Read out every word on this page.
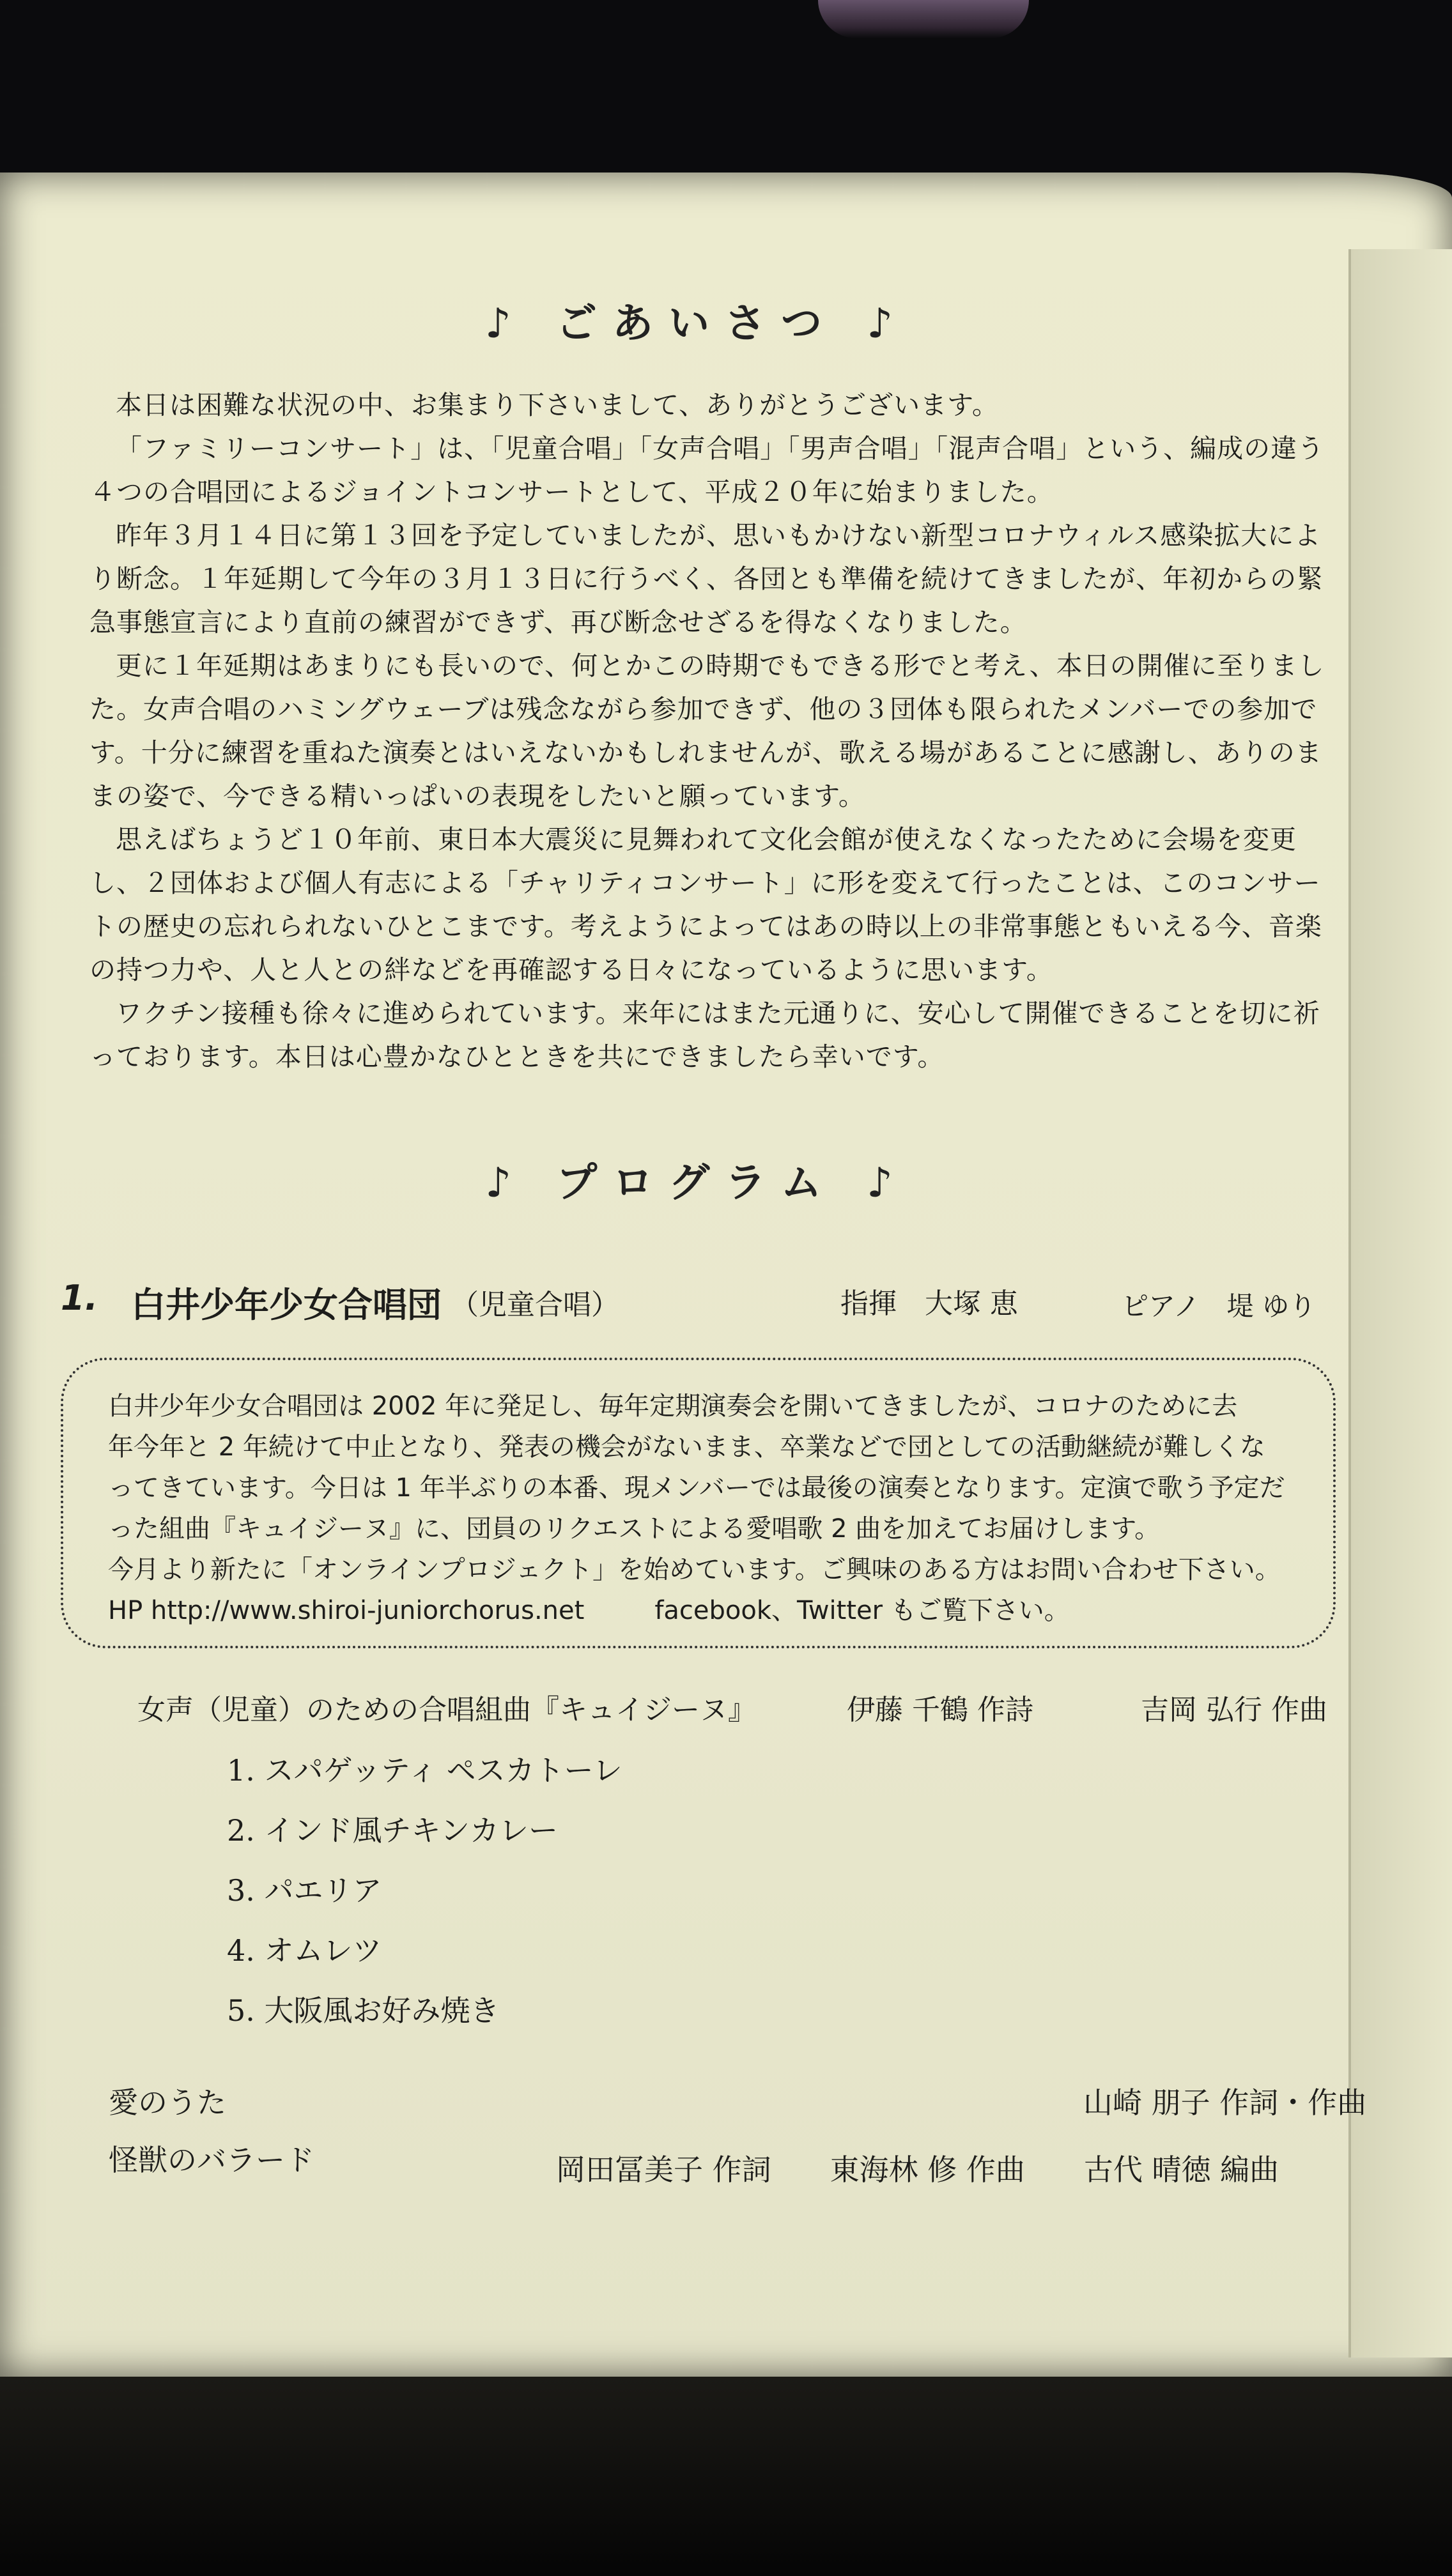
♪ ごあいさつ ♪

本日は困難な状況の中、お集まり下さいまして、ありがとうございます。

「ファミリーコンサート」は、「児童合唱」「女声合唱」「男声合唱」「混声合唱」という、編成の違う４つの合唱団によるジョイントコンサートとして、平成２０年に始まりました。

昨年３月１４日に第１３回を予定していましたが、思いもかけない新型コロナウィルス感染拡大により断念。１年延期して今年の３月１３日に行うべく、各団とも準備を続けてきましたが、年初からの緊急事態宣言により直前の練習ができず、再び断念せざるを得なくなりました。

更に１年延期はあまりにも長いので、何とかこの時期でもできる形でと考え、本日の開催に至りました。女声合唱のハミングウェーブは残念ながら参加できず、他の３団体も限られたメンバーでの参加です。十分に練習を重ねた演奏とはいえないかもしれませんが、歌える場があることに感謝し、ありのままの姿で、今できる精いっぱいの表現をしたいと願っています。

思えばちょうど１０年前、東日本大震災に見舞われて文化会館が使えなくなったために会場を変更し、２団体および個人有志による「チャリティコンサート」に形を変えて行ったことは、このコンサートの歴史の忘れられないひとこまです。考えようによってはあの時以上の非常事態ともいえる今、音楽の持つ力や、人と人との絆などを再確認する日々になっているように思います。

ワクチン接種も徐々に進められています。来年にはまた元通りに、安心して開催できることを切に祈っております。本日は心豊かなひとときを共にできましたら幸いです。

♪ プログラム ♪
1. 白井少年少女合唱団 （児童合唱）	指揮　大塚 恵	ピアノ　堤 ゆり
白井少年少女合唱団は 2002 年に発足し、毎年定期演奏会を開いてきましたが、コロナのために去
年今年と 2 年続けて中止となり、発表の機会がないまま、卒業などで団としての活動継続が難しくな
ってきています。今日は 1 年半ぶりの本番、現メンバーでは最後の演奏となります。定演で歌う予定だ
った組曲『キュイジーヌ』に、団員のリクエストによる愛唱歌 2 曲を加えてお届けします。
今月より新たに「オンラインプロジェクト」を始めています。ご興味のある方はお問い合わせ下さい。
HP http://www.shiroi-juniorchorus.net	facebook、Twitter もご覧下さい。
女声（児童）のための合唱組曲『キュイジーヌ』	伊藤 千鶴 作詩	吉岡 弘行 作曲
1. スパゲッティ ペスカトーレ
2. インド風チキンカレー
3. パエリア
4. オムレツ
5. 大阪風お好み焼き
愛のうた	山崎 朋子 作詞・作曲
怪獣のバラード	岡田冨美子 作詞　　東海林 修 作曲　　古代 晴徳 編曲
